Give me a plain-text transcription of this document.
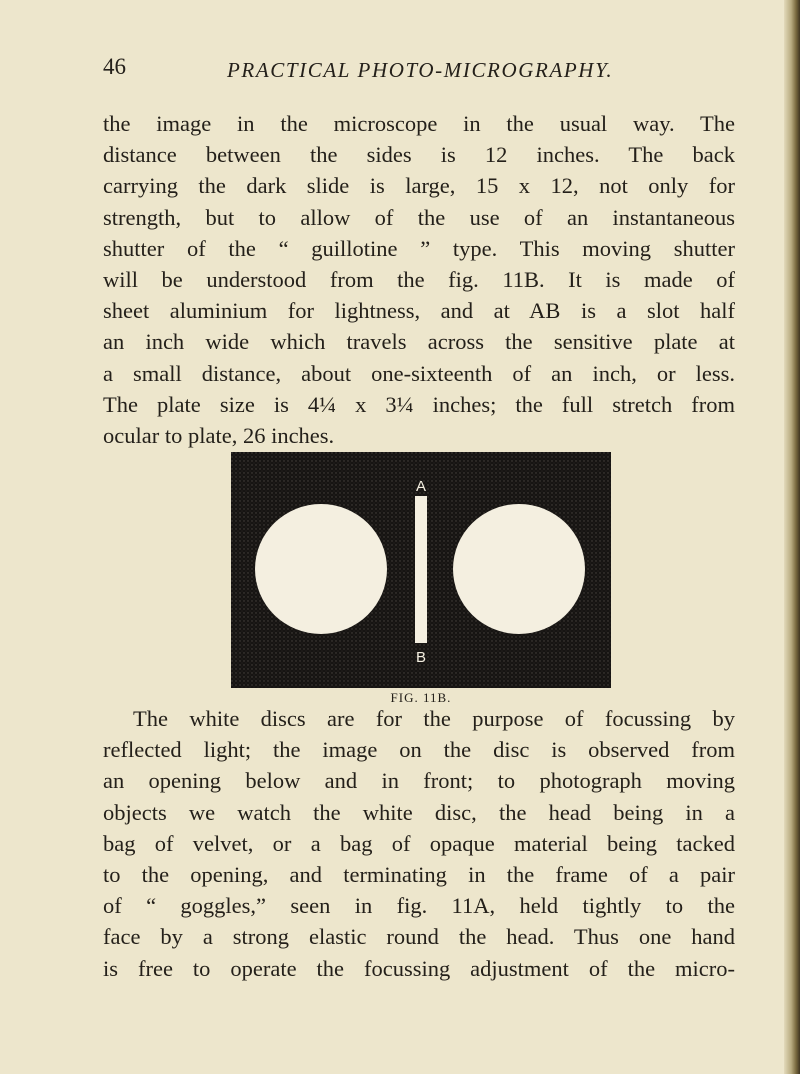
46	PRACTICAL PHOTO-MICROGRAPHY.

the image in the microscope in the usual way. The
distance between the sides is 12 inches. The back
carrying the dark slide is large, 15 x 12, not only for
strength, but to allow of the use of an instantaneous
shutter of the “ guillotine ” type. This moving shutter
will be understood from the fig. 11B. It is made of
sheet aluminium for lightness, and at AB is a slot half
an inch wide which travels across the sensitive plate at
a small distance, about one-sixteenth of an inch, or less.
The plate size is 4¼ x 3¼ inches; the full stretch from
ocular to plate, 26 inches.

A
B
FIG. 11B.

The white discs are for the purpose of focussing by
reflected light; the image on the disc is observed from
an opening below and in front; to photograph moving
objects we watch the white disc, the head being in a
bag of velvet, or a bag of opaque material being tacked
to the opening, and terminating in the frame of a pair
of “ goggles,” seen in fig. 11A, held tightly to the
face by a strong elastic round the head. Thus one hand
is free to operate the focussing adjustment of the micro-
